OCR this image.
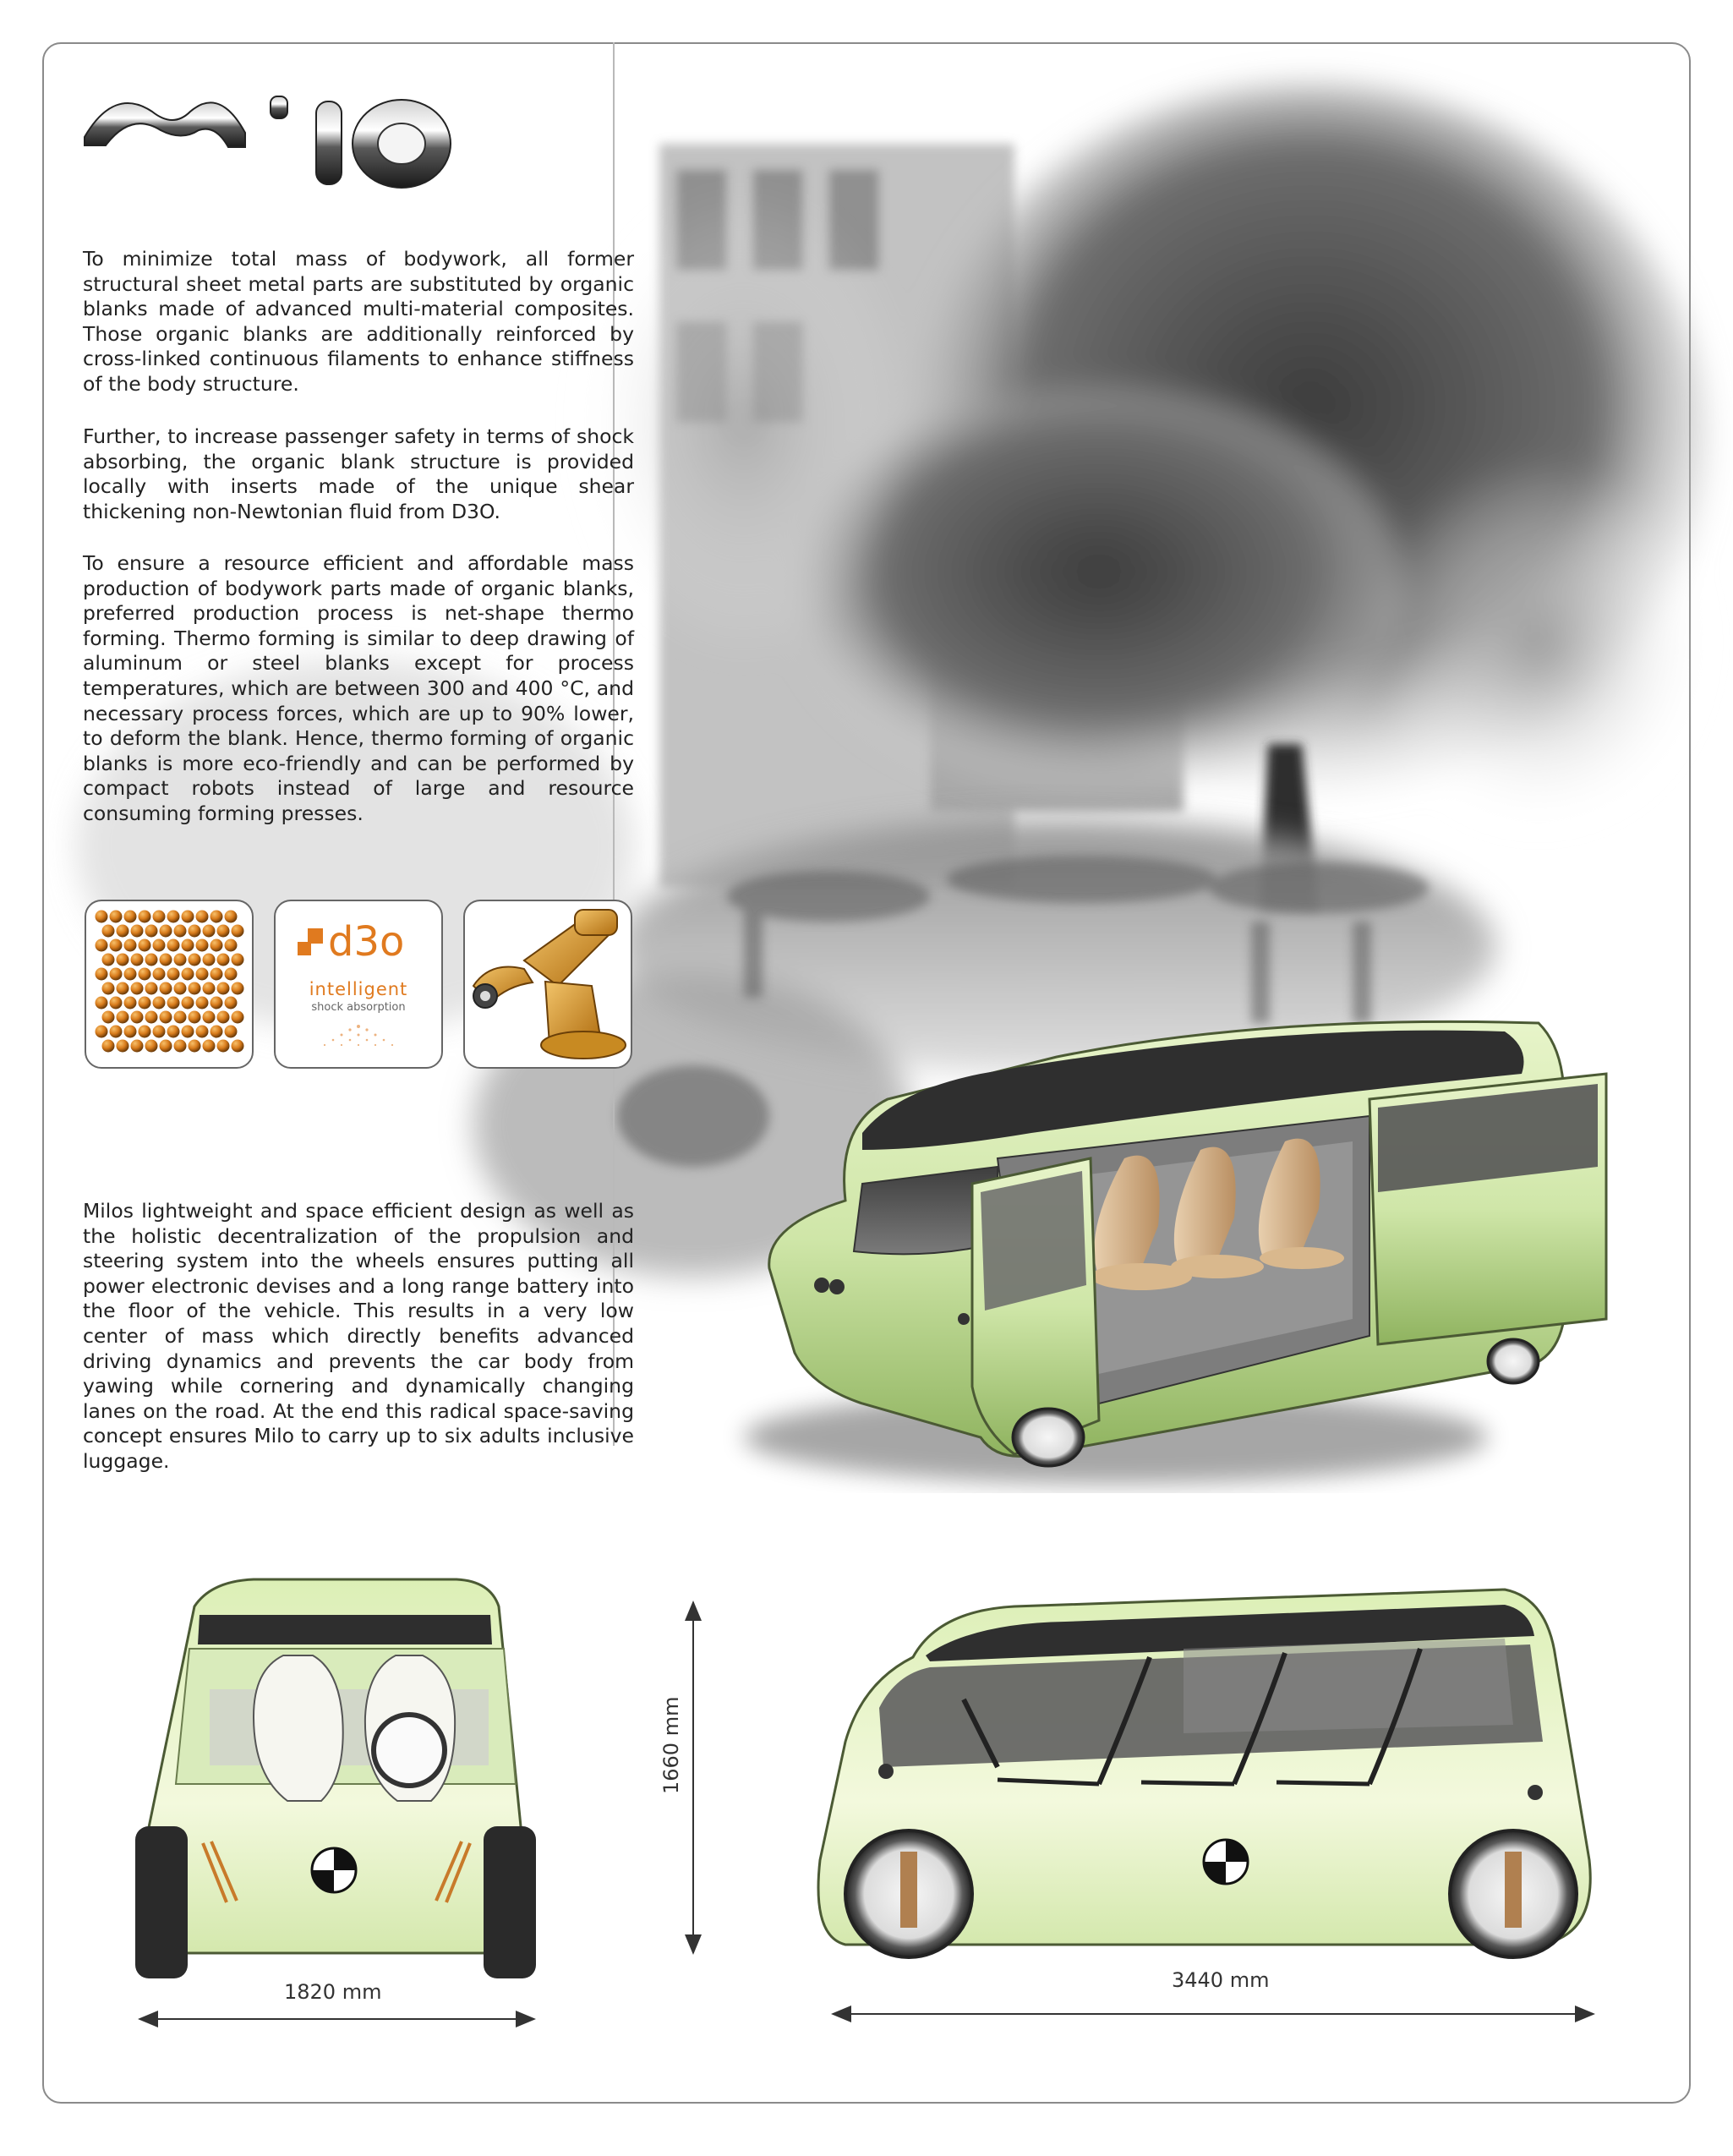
To minimize total mass of bodywork, all former structural sheet metal parts are substituted by organic blanks made of advanced multi-material composites. Those organic blanks are additionally reinforced by cross-linked continuous filaments to enhance stiffness of the body structure.
Further, to increase passenger safety in terms of shock absorbing, the organic blank structure is provided locally with inserts made of the unique shear thickening non-Newtonian fluid from D3O.
To ensure a resource efficient and affordable mass production of bodywork parts made of organic blanks, preferred production process is net-shape thermo forming. Thermo forming is similar to deep drawing of aluminum or steel blanks except for process temperatures, which are between 300 and 400 °C, and necessary process forces, which are up to 90% lower, to deform the blank. Hence, thermo forming of organic blanks is more eco-friendly and can be performed by compact robots instead of large and resource consuming forming presses.
Milos lightweight and space efficient design as well as the holistic decentralization of the propulsion and steering system into the wheels ensures putting all power electronic devises and a long range battery into the floor of the vehicle. This results in a very low center of mass which directly benefits advanced driving dynamics and prevents the car body from yawing while cornering and dynamically changing lanes on the road. At the end this radical space-saving concept ensures Milo to carry up to six adults inclusive luggage.
d3o
intelligent
shock absorption
1820 mm	3440 mm
1660 mm
